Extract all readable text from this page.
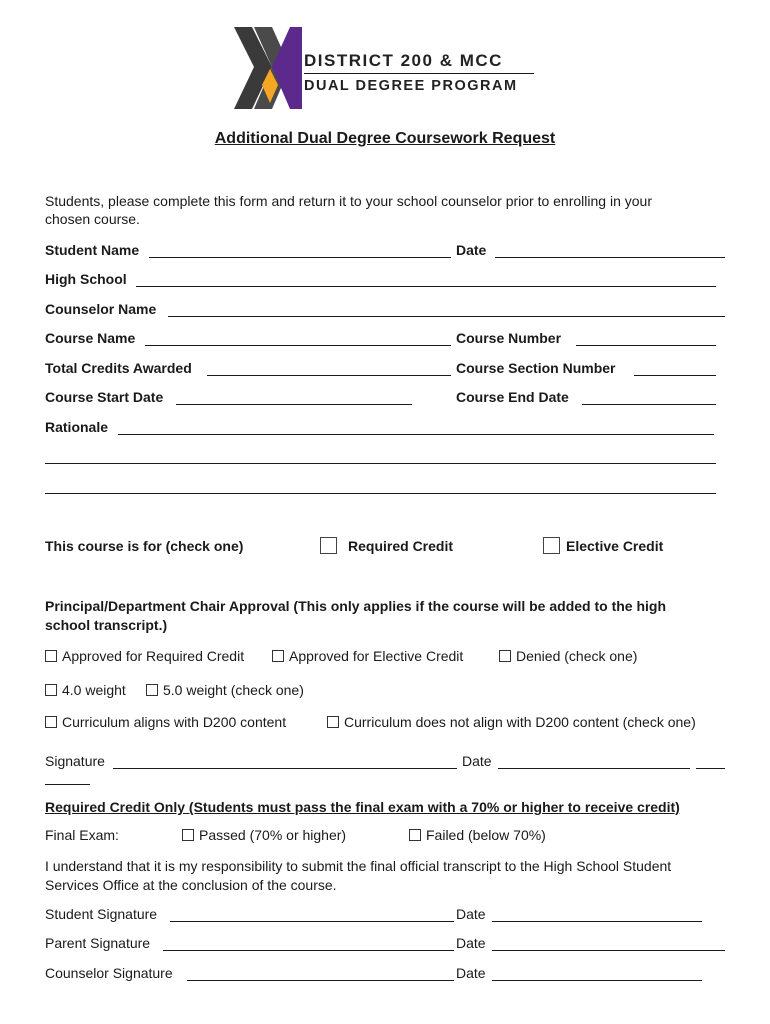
DISTRICT 200 & MCC
DUAL DEGREE PROGRAM
Additional Dual Degree Coursework Request
Students, please complete this form and return it to your school counselor prior to enrolling in your
chosen course.
Student Name	Date
High School
Counselor Name
Course Name	Course Number
Total Credits Awarded	Course Section Number
Course Start Date	Course End Date
Rationale
This course is for (check one)	Required Credit	Elective Credit
Principal/Department Chair Approval (This only applies if the course will be added to the high
school transcript.)
Approved for Required Credit	Approved for Elective Credit	Denied (check one)
4.0 weight	5.0 weight (check one)
Curriculum aligns with D200 content	Curriculum does not align with D200 content (check one)
Signature	Date
Required Credit Only (Students must pass the final exam with a 70% or higher to receive credit)
Final Exam:	Passed (70% or higher)	Failed (below 70%)
I understand that it is my responsibility to submit the final official transcript to the High School Student
Services Office at the conclusion of the course.
Student Signature	Date
Parent Signature	Date
Counselor Signature	Date
